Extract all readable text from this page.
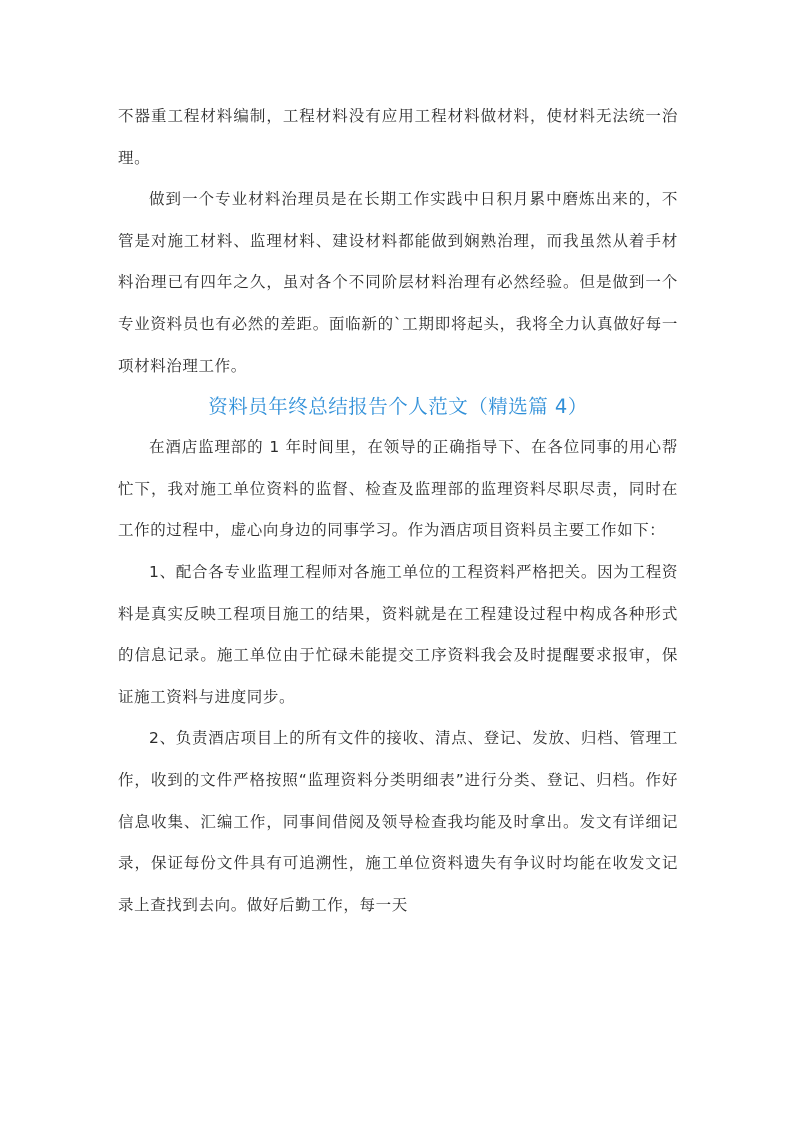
不器重工程材料编制，工程材料没有应用工程材料做材料，使材料无法统一治理。

做到一个专业材料治理员是在长期工作实践中日积月累中磨炼出来的，不管是对施工材料、监理材料、建设材料都能做到娴熟治理，而我虽然从着手材料治理已有四年之久，虽对各个不同阶层材料治理有必然经验。但是做到一个专业资料员也有必然的差距。面临新的`工期即将起头，我将全力认真做好每一项材料治理工作。

资料员年终总结报告个人范文（精选篇 4）

在酒店监理部的 1 年时间里，在领导的正确指导下、在各位同事的用心帮忙下，我对施工单位资料的监督、检查及监理部的监理资料尽职尽责，同时在工作的过程中，虚心向身边的同事学习。作为酒店项目资料员主要工作如下：

1、配合各专业监理工程师对各施工单位的工程资料严格把关。因为工程资料是真实反映工程项目施工的结果，资料就是在工程建设过程中构成各种形式的信息记录。施工单位由于忙碌未能提交工序资料我会及时提醒要求报审，保证施工资料与进度同步。

2、负责酒店项目上的所有文件的接收、清点、登记、发放、归档、管理工作，收到的文件严格按照“监理资料分类明细表”进行分类、登记、归档。作好信息收集、汇编工作，同事间借阅及领导检查我均能及时拿出。发文有详细记录，保证每份文件具有可追溯性，施工单位资料遗失有争议时均能在收发文记录上查找到去向。做好后勤工作，每一天
